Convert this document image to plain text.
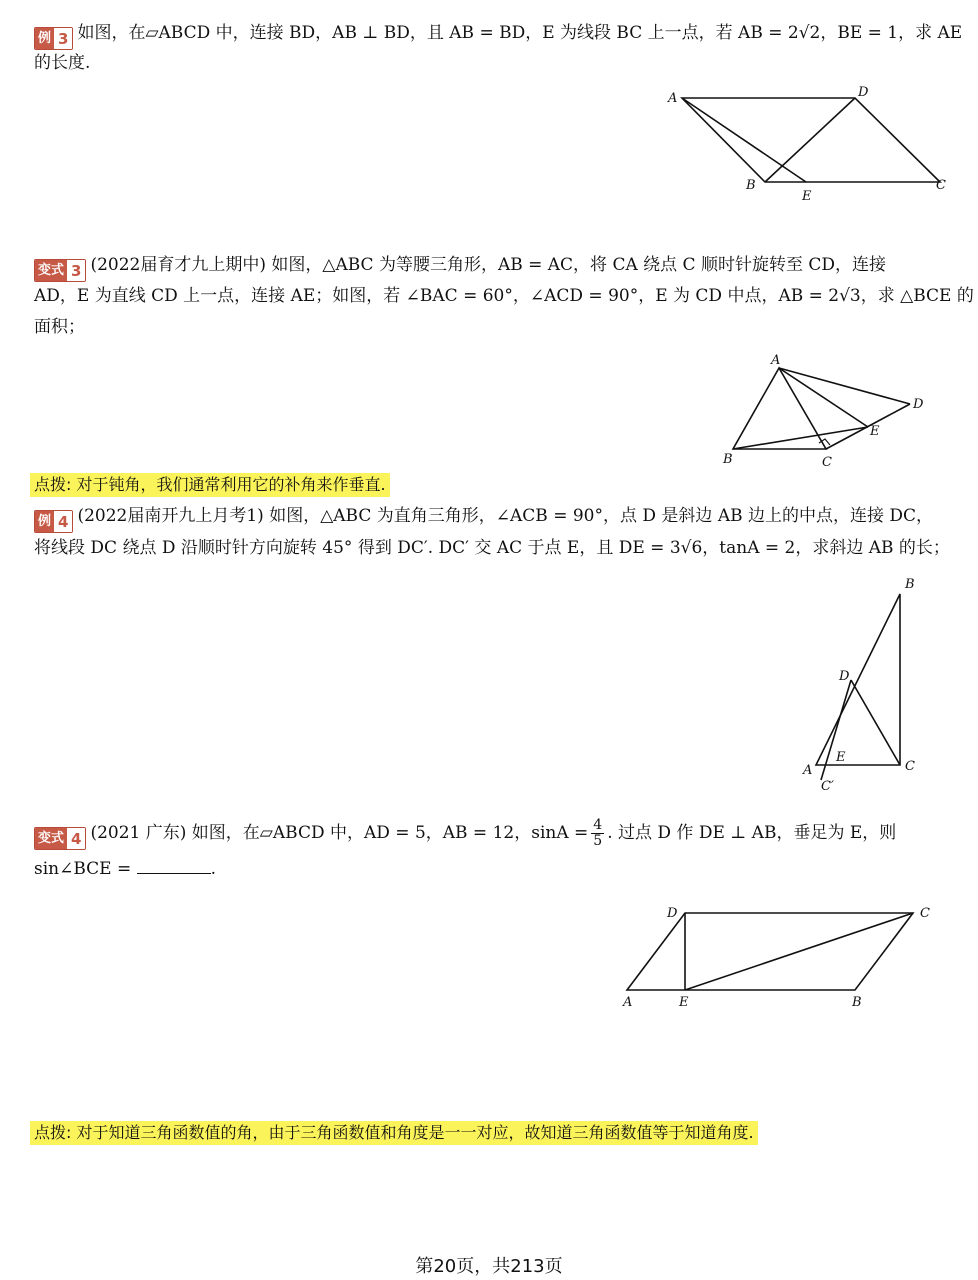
例 3 如图，在▱ABCD 中，连接 BD，AB ⊥ BD，且 AB = BD，E 为线段 BC 上一点，若 AB = 2√2，BE = 1，求 AE
的长度.
A	D
B
E
C
变式 3 (2022届育才九上期中) 如图，△ABC 为等腰三角形，AB = AC，将 CA 绕点 C 顺时针旋转至 CD，连接
AD，E 为直线 CD 上一点，连接 AE；如图，若 ∠BAC = 60°，∠ACD = 90°，E 为 CD 中点，AB = 2√3，求 △BCE 的
面积；
A
B	C
D
E
点拨: 对于钝角，我们通常利用它的补角来作垂直.
例 4 (2022届南开九上月考1) 如图，△ABC 为直角三角形，∠ACB = 90°，点 D 是斜边 AB 边上的中点，连接 DC，
将线段 DC 绕点 D 沿顺时针方向旋转 45° 得到 DC′. DC′ 交 AC 于点 E，且 DE = 3√6，tanA = 2，求斜边 AB 的长；
B
D
E
A	C
C′
变式 4 (2021 广东) 如图，在▱ABCD 中，AD = 5，AB = 12，$\sin A = \frac{4}{5}$ . 过点 D 作 DE ⊥ AB，垂足为 E，则
sin∠BCE =	.
D	C
A	E	B
点拨: 对于知道三角函数值的角，由于三角函数值和角度是一一对应，故知道三角函数值等于知道角度.
第20页，共213页
